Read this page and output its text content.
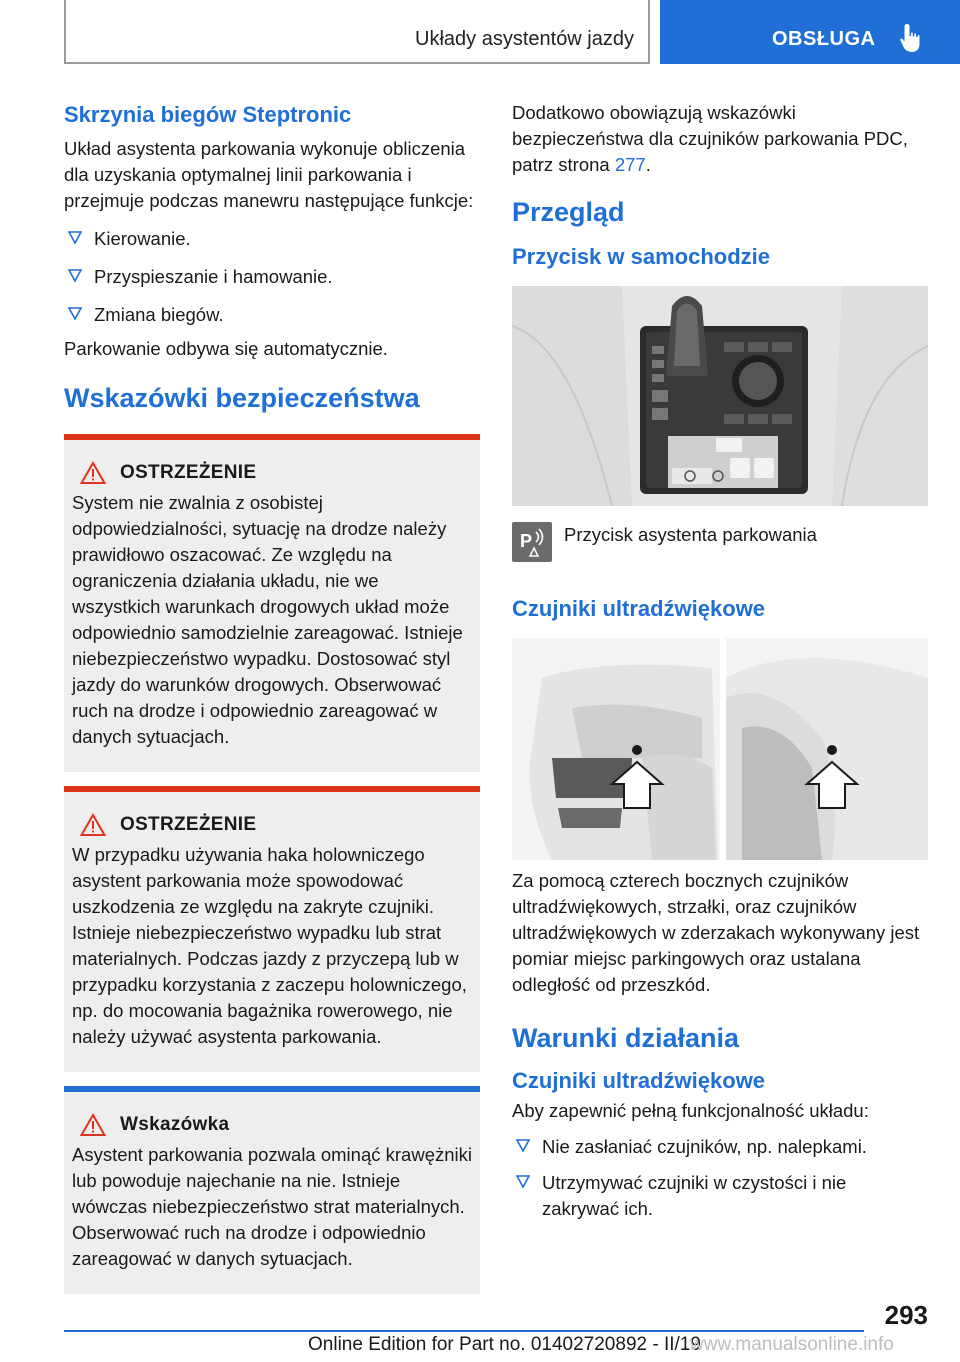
Układy asystentów jazdy	OBSŁUGA
Skrzynia biegów Steptronic

Układ asystenta parkowania wykonuje obliczenia dla uzyskania optymalnej linii parkowania i przejmuje podczas manewru następujące funkcje:

Kierowanie.
Przyspieszanie i hamowanie.
Zmiana biegów.

Parkowanie odbywa się automatycznie.

Wskazówki bezpieczeństwa
OSTRZEŻENIE

System nie zwalnia z osobistej odpowiedzialności, sytuację na drodze należy prawidłowo oszacować. Ze względu na ograniczenia działania układu, nie we wszystkich warunkach drogowych układ może odpowiednio samodzielnie zareagować. Istnieje niebezpieczeństwo wypadku. Dostosować styl jazdy do warunków drogowych. Obserwować ruch na drodze i odpowiednio zareagować w danych sytuacjach.

OSTRZEŻENIE

W przypadku używania haka holowniczego asystent parkowania może spowodować uszkodzenia ze względu na zakryte czujniki. Istnieje niebezpieczeństwo wypadku lub strat materialnych. Podczas jazdy z przyczepą lub w przypadku korzystania z zaczepu holowniczego, np. do mocowania bagażnika rowerowego, nie należy używać asystenta parkowania.

Wskazówka

Asystent parkowania pozwala ominąć krawężniki lub powoduje najechanie na nie. Istnieje wówczas niebezpieczeństwo strat materialnych. Obserwować ruch na drodze i odpowiednio zareagować w danych sytuacjach.

Dodatkowo obowiązują wskazówki bezpieczeństwa dla czujników parkowania PDC, patrz strona 277.

Przegląd
Przycisk w samochodzie
P Przycisk asystenta parkowania
Czujniki ultradźwiękowe

Za pomocą czterech bocznych czujników ultradźwiękowych, strzałki, oraz czujników ultradźwiękowych w zderzakach wykonywany jest pomiar miejsc parkingowych oraz ustalana odległość od przeszkód.

Warunki działania
Czujniki ultradźwiękowe

Aby zapewnić pełną funkcjonalność układu:

Nie zasłaniać czujników, np. nalepkami.
Utrzymywać czujniki w czystości i nie zakrywać ich.
293
Online Edition for Part no. 01402720892 - II/19
www.manualsonline.info
